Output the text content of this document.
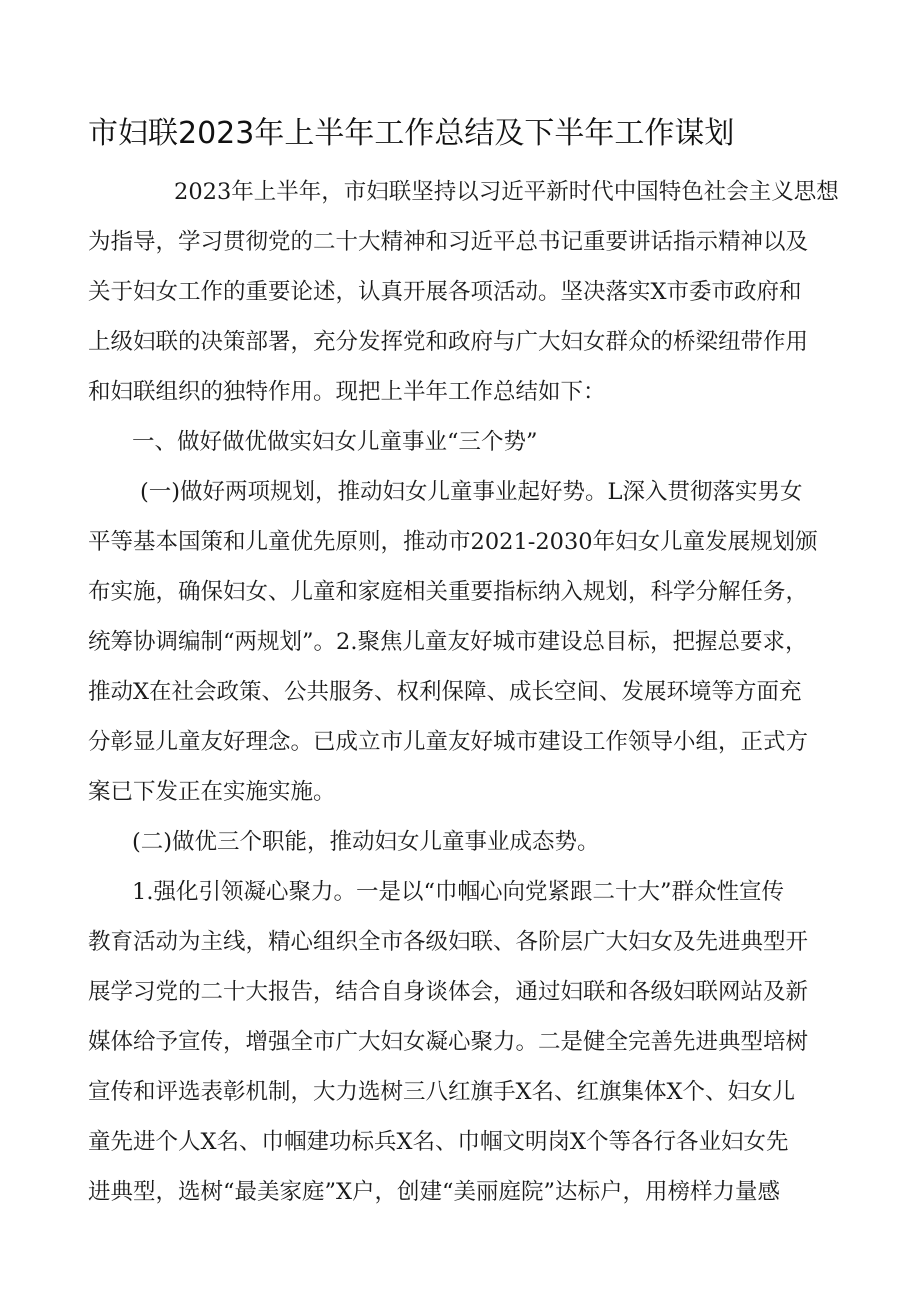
市妇联2023年上半年工作总结及下半年工作谋划
2023年上半年，市妇联坚持以习近平新时代中国特色社会主义思想
为指导，学习贯彻党的二十大精神和习近平总书记重要讲话指示精神以及
关于妇女工作的重要论述，认真开展各项活动。坚决落实X市委市政府和
上级妇联的决策部署，充分发挥党和政府与广大妇女群众的桥梁纽带作用
和妇联组织的独特作用。现把上半年工作总结如下：
一、做好做优做实妇女儿童事业“三个势”
(一)做好两项规划，推动妇女儿童事业起好势。L深入贯彻落实男女
平等基本国策和儿童优先原则，推动市2021-2030年妇女儿童发展规划颁
布实施，确保妇女、儿童和家庭相关重要指标纳入规划，科学分解任务，
统筹协调编制“两规划”。2.聚焦儿童友好城市建设总目标，把握总要求，
推动X在社会政策、公共服务、权利保障、成长空间、发展环境等方面充
分彰显儿童友好理念。已成立市儿童友好城市建设工作领导小组，正式方
案已下发正在实施实施。
(二)做优三个职能，推动妇女儿童事业成态势。
1.强化引领凝心聚力。一是以“巾帼心向党紧跟二十大”群众性宣传
教育活动为主线，精心组织全市各级妇联、各阶层广大妇女及先进典型开
展学习党的二十大报告，结合自身谈体会，通过妇联和各级妇联网站及新
媒体给予宣传，增强全市广大妇女凝心聚力。二是健全完善先进典型培树
宣传和评选表彰机制，大力选树三八红旗手X名、红旗集体X个、妇女儿
童先进个人X名、巾帼建功标兵X名、巾帼文明岗X个等各行各业妇女先
进典型，选树“最美家庭”X户，创建“美丽庭院”达标户，用榜样力量感
